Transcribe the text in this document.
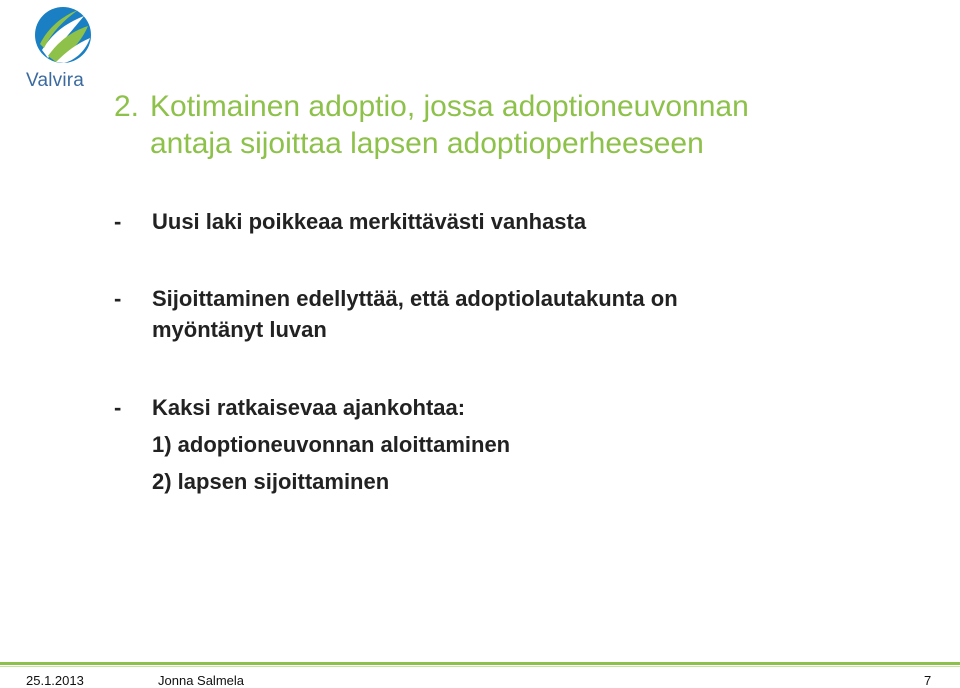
Valvira
2. Kotimainen adoptio, jossa adoptioneuvonnan
antaja sijoittaa lapsen adoptioperheeseen
-	Uusi laki poikkeaa merkittävästi vanhasta
-	Sijoittaminen edellyttää, että adoptiolautakunta on
myöntänyt luvan
-	Kaksi ratkaisevaa ajankohtaa:
1) adoptioneuvonnan aloittaminen
2) lapsen sijoittaminen
25.1.2013	Jonna Salmela	7
